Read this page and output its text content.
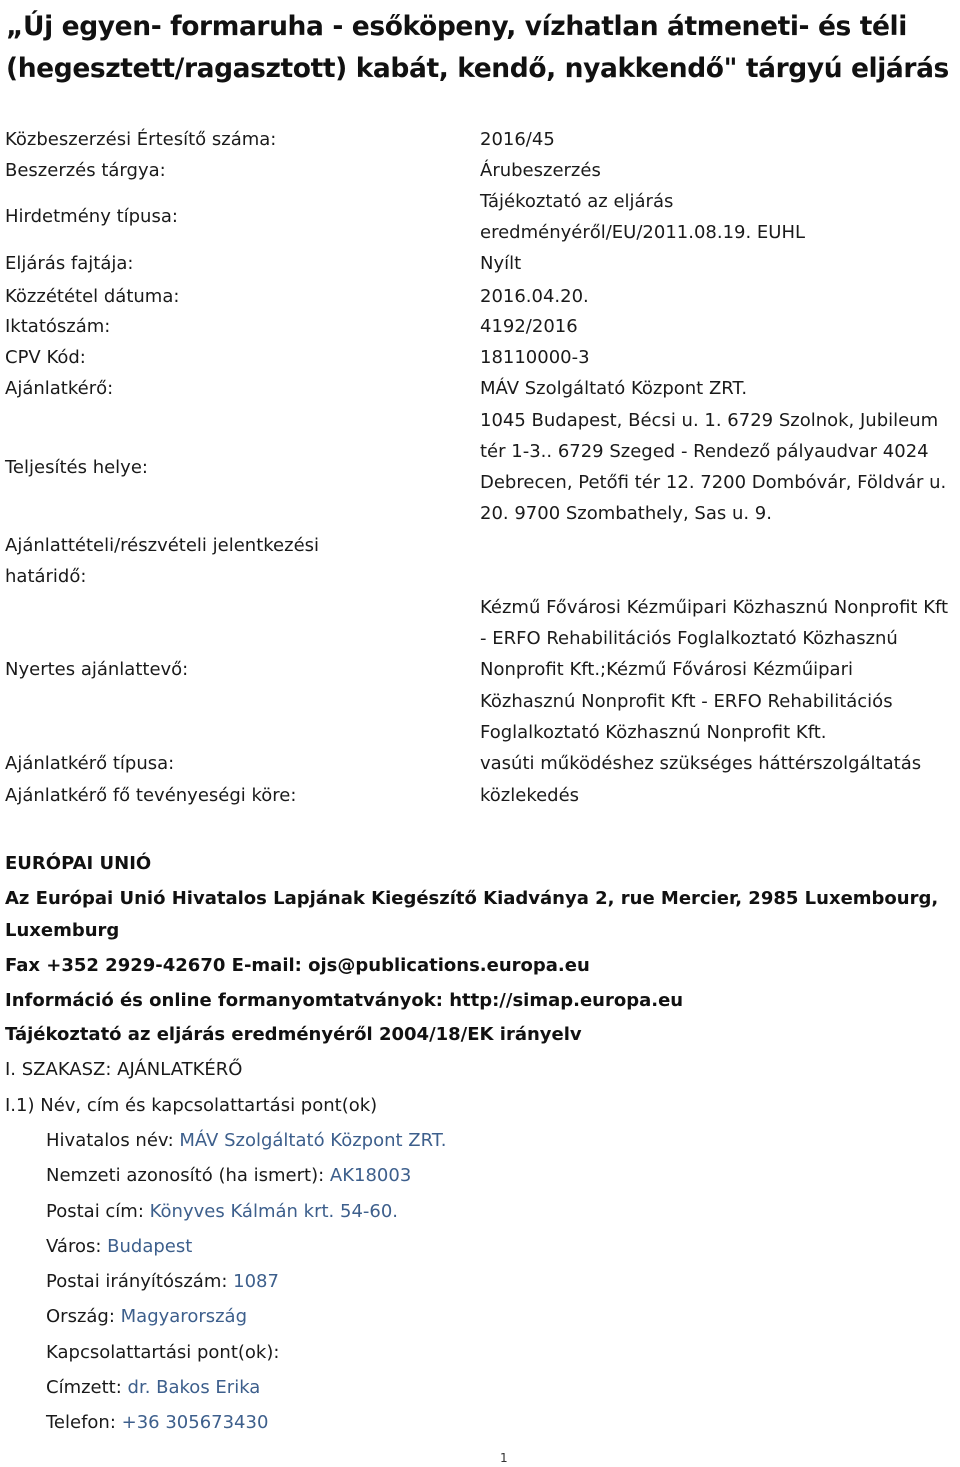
„Új egyen- formaruha - esőköpeny, vízhatlan átmeneti- és téli (hegesztett/ragasztott) kabát, kendő, nyakkendő" tárgyú eljárás
Közbeszerzési Értesítő száma:	2016/45
Beszerzés tárgya:	Árubeszerzés
Hirdetmény típusa:
Tájékoztató az eljárás
eredményéről/EU/2011.08.19. EUHL
Eljárás fajtája:	Nyílt
Közzététel dátuma:	2016.04.20.
Iktatószám:	4192/2016
CPV Kód:	18110000-3
Ajánlatkérő:	MÁV Szolgáltató Központ ZRT.
Teljesítés helye:
1045 Budapest, Bécsi u. 1. 6729 Szolnok, Jubileum
tér 1-3.. 6729 Szeged - Rendező pályaudvar 4024
Debrecen, Petőfi tér 12. 7200 Dombóvár, Földvár u.
20. 9700 Szombathely, Sas u. 9.
Ajánlattételi/részvételi jelentkezési
határidő:
Nyertes ajánlattevő:
Kézmű Fővárosi Kézműipari Közhasznú Nonprofit Kft
- ERFO Rehabilitációs Foglalkoztató Közhasznú
Nonprofit Kft.;Kézmű Fővárosi Kézműipari
Közhasznú Nonprofit Kft - ERFO Rehabilitációs
Foglalkoztató Közhasznú Nonprofit Kft.
Ajánlatkérő típusa:	vasúti működéshez szükséges háttérszolgáltatás
Ajánlatkérő fő tevényeségi köre:	közlekedés
EURÓPAI UNIÓ
Az Európai Unió Hivatalos Lapjának Kiegészítő Kiadványa 2, rue Mercier, 2985 Luxembourg, Luxemburg
Fax +352 2929-42670 E-mail: ojs@publications.europa.eu
Információ és online formanyomtatványok: http://simap.europa.eu
Tájékoztató az eljárás eredményéről 2004/18/EK irányelv
I. SZAKASZ: AJÁNLATKÉRŐ
I.1) Név, cím és kapcsolattartási pont(ok)
Hivatalos név: MÁV Szolgáltató Központ ZRT.
Nemzeti azonosító (ha ismert): AK18003
Postai cím: Könyves Kálmán krt. 54-60.
Város: Budapest
Postai irányítószám: 1087
Ország: Magyarország
Kapcsolattartási pont(ok):
Címzett: dr. Bakos Erika
Telefon: +36 305673430
1
